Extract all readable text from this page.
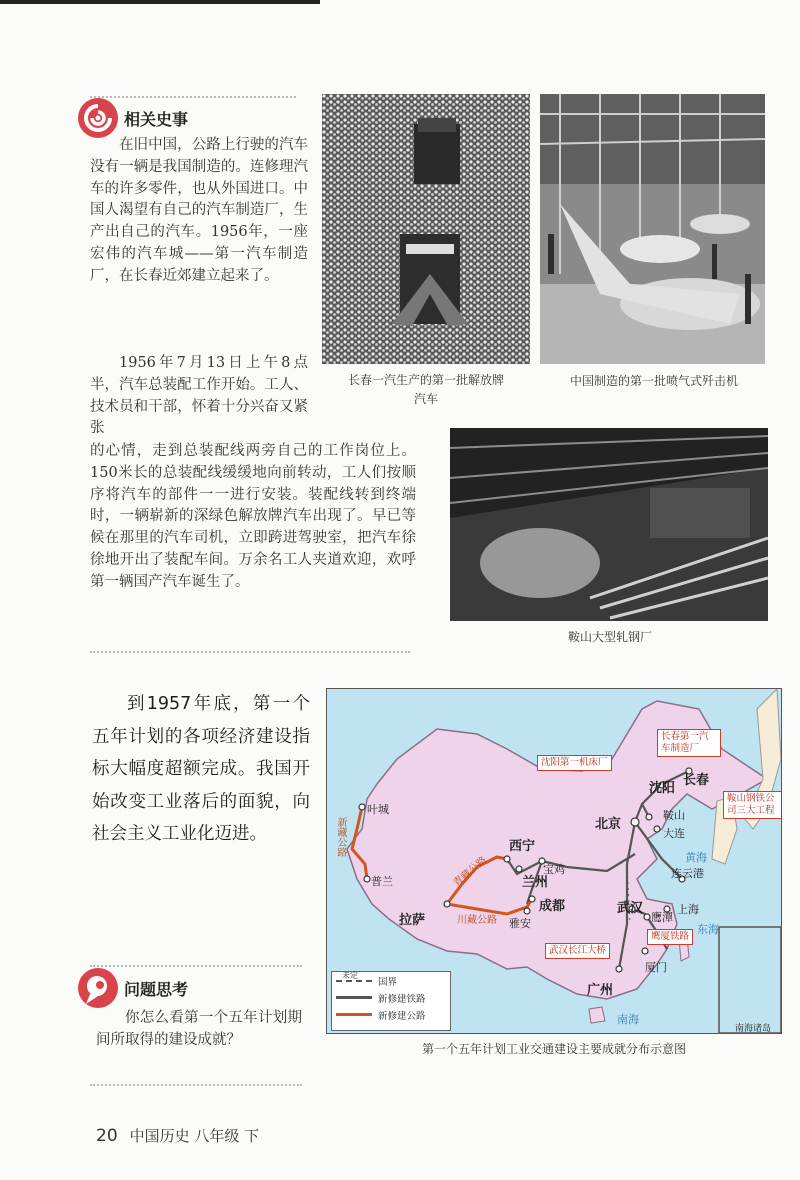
相关史事

在旧中国，公路上行驶的汽车没有一辆是我国制造的。连修理汽车的许多零件，也从外国进口。中国人渴望有自己的汽车制造厂，生产出自己的汽车。1956年，一座宏伟的汽车城——第一汽车制造厂，在长春近郊建立起来了。

1956年7月13日上午8点半，汽车总装配工作开始。工人、技术员和干部，怀着十分兴奋又紧张

的心情，走到总装配线两旁自己的工作岗位上。150米长的总装配线缓缓地向前转动，工人们按顺序将汽车的部件一一进行安装。装配线转到终端时，一辆崭新的深绿色解放牌汽车出现了。早已等候在那里的汽车司机，立即跨进驾驶室，把汽车徐徐地开出了装配车间。万余名工人夹道欢迎，欢呼第一辆国产汽车诞生了。

长春一汽生产的第一批解放牌汽车
中国制造的第一批喷气式歼击机
鞍山大型轧钢厂
到1957年底，第一个五年计划的各项经济建设指标大幅度超额完成。我国开始改变工业落后的面貌，向社会主义工业化迈进。	北京
沈阳
长春
鞍山
大连
西宁
兰州
宝鸡	连云港
武汉
鹰潭
上海
成都
雅安
拉萨
叶城
普兰
广州
厦门
黄海
东海
南海
新藏公路
青藏公路
川藏公路
沈阳第一机床厂
长春第一汽车制造厂
鞍山钢铁公司三大工程
武汉长江大桥
鹰厦铁路
南海诸岛
未定
国界
新修建铁路
新修建公路
第一个五年计划工业交通建设主要成就分布示意图
问题思考

你怎么看第一个五年计划期间所取得的建设成就？

20 中国历史 八年级 下
